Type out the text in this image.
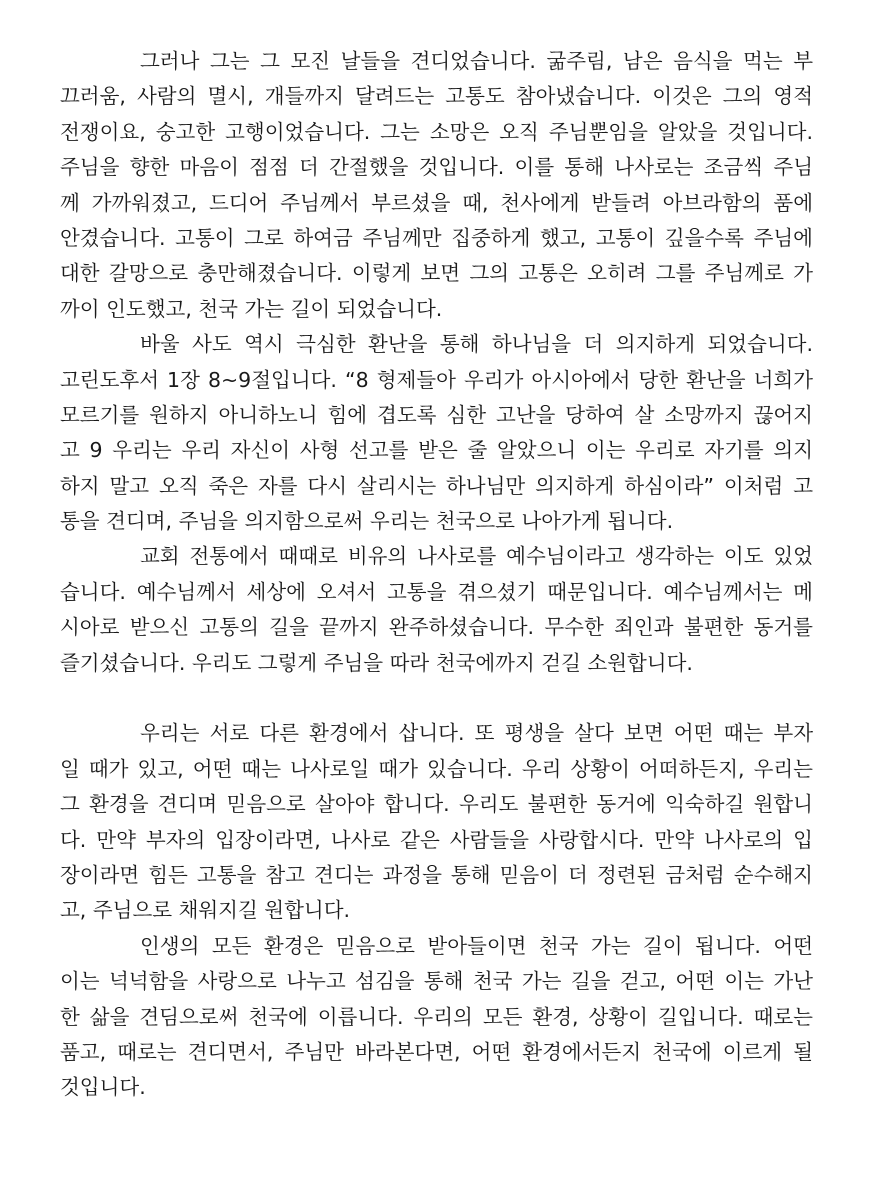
그러나 그는 그 모진 날들을 견디었습니다. 굶주림, 남은 음식을 먹는 부
끄러움, 사람의 멸시, 개들까지 달려드는 고통도 참아냈습니다. 이것은 그의 영적
전쟁이요, 숭고한 고행이었습니다. 그는 소망은 오직 주님뿐임을 알았을 것입니다.
주님을 향한 마음이 점점 더 간절했을 것입니다. 이를 통해 나사로는 조금씩 주님
께 가까워졌고, 드디어 주님께서 부르셨을 때, 천사에게 받들려 아브라함의 품에
안겼습니다. 고통이 그로 하여금 주님께만 집중하게 했고, 고통이 깊을수록 주님에
대한 갈망으로 충만해졌습니다. 이렇게 보면 그의 고통은 오히려 그를 주님께로 가
까이 인도했고, 천국 가는 길이 되었습니다.
바울 사도 역시 극심한 환난을 통해 하나님을 더 의지하게 되었습니다.
고린도후서 1장 8~9절입니다. “8 형제들아 우리가 아시아에서 당한 환난을 너희가
모르기를 원하지 아니하노니 힘에 겹도록 심한 고난을 당하여 살 소망까지 끊어지
고 9 우리는 우리 자신이 사형 선고를 받은 줄 알았으니 이는 우리로 자기를 의지
하지 말고 오직 죽은 자를 다시 살리시는 하나님만 의지하게 하심이라” 이처럼 고
통을 견디며, 주님을 의지함으로써 우리는 천국으로 나아가게 됩니다.
교회 전통에서 때때로 비유의 나사로를 예수님이라고 생각하는 이도 있었
습니다. 예수님께서 세상에 오셔서 고통을 겪으셨기 때문입니다. 예수님께서는 메
시아로 받으신 고통의 길을 끝까지 완주하셨습니다. 무수한 죄인과 불편한 동거를
즐기셨습니다. 우리도 그렇게 주님을 따라 천국에까지 걷길 소원합니다.
우리는 서로 다른 환경에서 삽니다. 또 평생을 살다 보면 어떤 때는 부자
일 때가 있고, 어떤 때는 나사로일 때가 있습니다. 우리 상황이 어떠하든지, 우리는
그 환경을 견디며 믿음으로 살아야 합니다. 우리도 불편한 동거에 익숙하길 원합니
다. 만약 부자의 입장이라면, 나사로 같은 사람들을 사랑합시다. 만약 나사로의 입
장이라면 힘든 고통을 참고 견디는 과정을 통해 믿음이 더 정련된 금처럼 순수해지
고, 주님으로 채워지길 원합니다.
인생의 모든 환경은 믿음으로 받아들이면 천국 가는 길이 됩니다. 어떤
이는 넉넉함을 사랑으로 나누고 섬김을 통해 천국 가는 길을 걷고, 어떤 이는 가난
한 삶을 견딤으로써 천국에 이릅니다. 우리의 모든 환경, 상황이 길입니다. 때로는
품고, 때로는 견디면서, 주님만 바라본다면, 어떤 환경에서든지 천국에 이르게 될
것입니다.
